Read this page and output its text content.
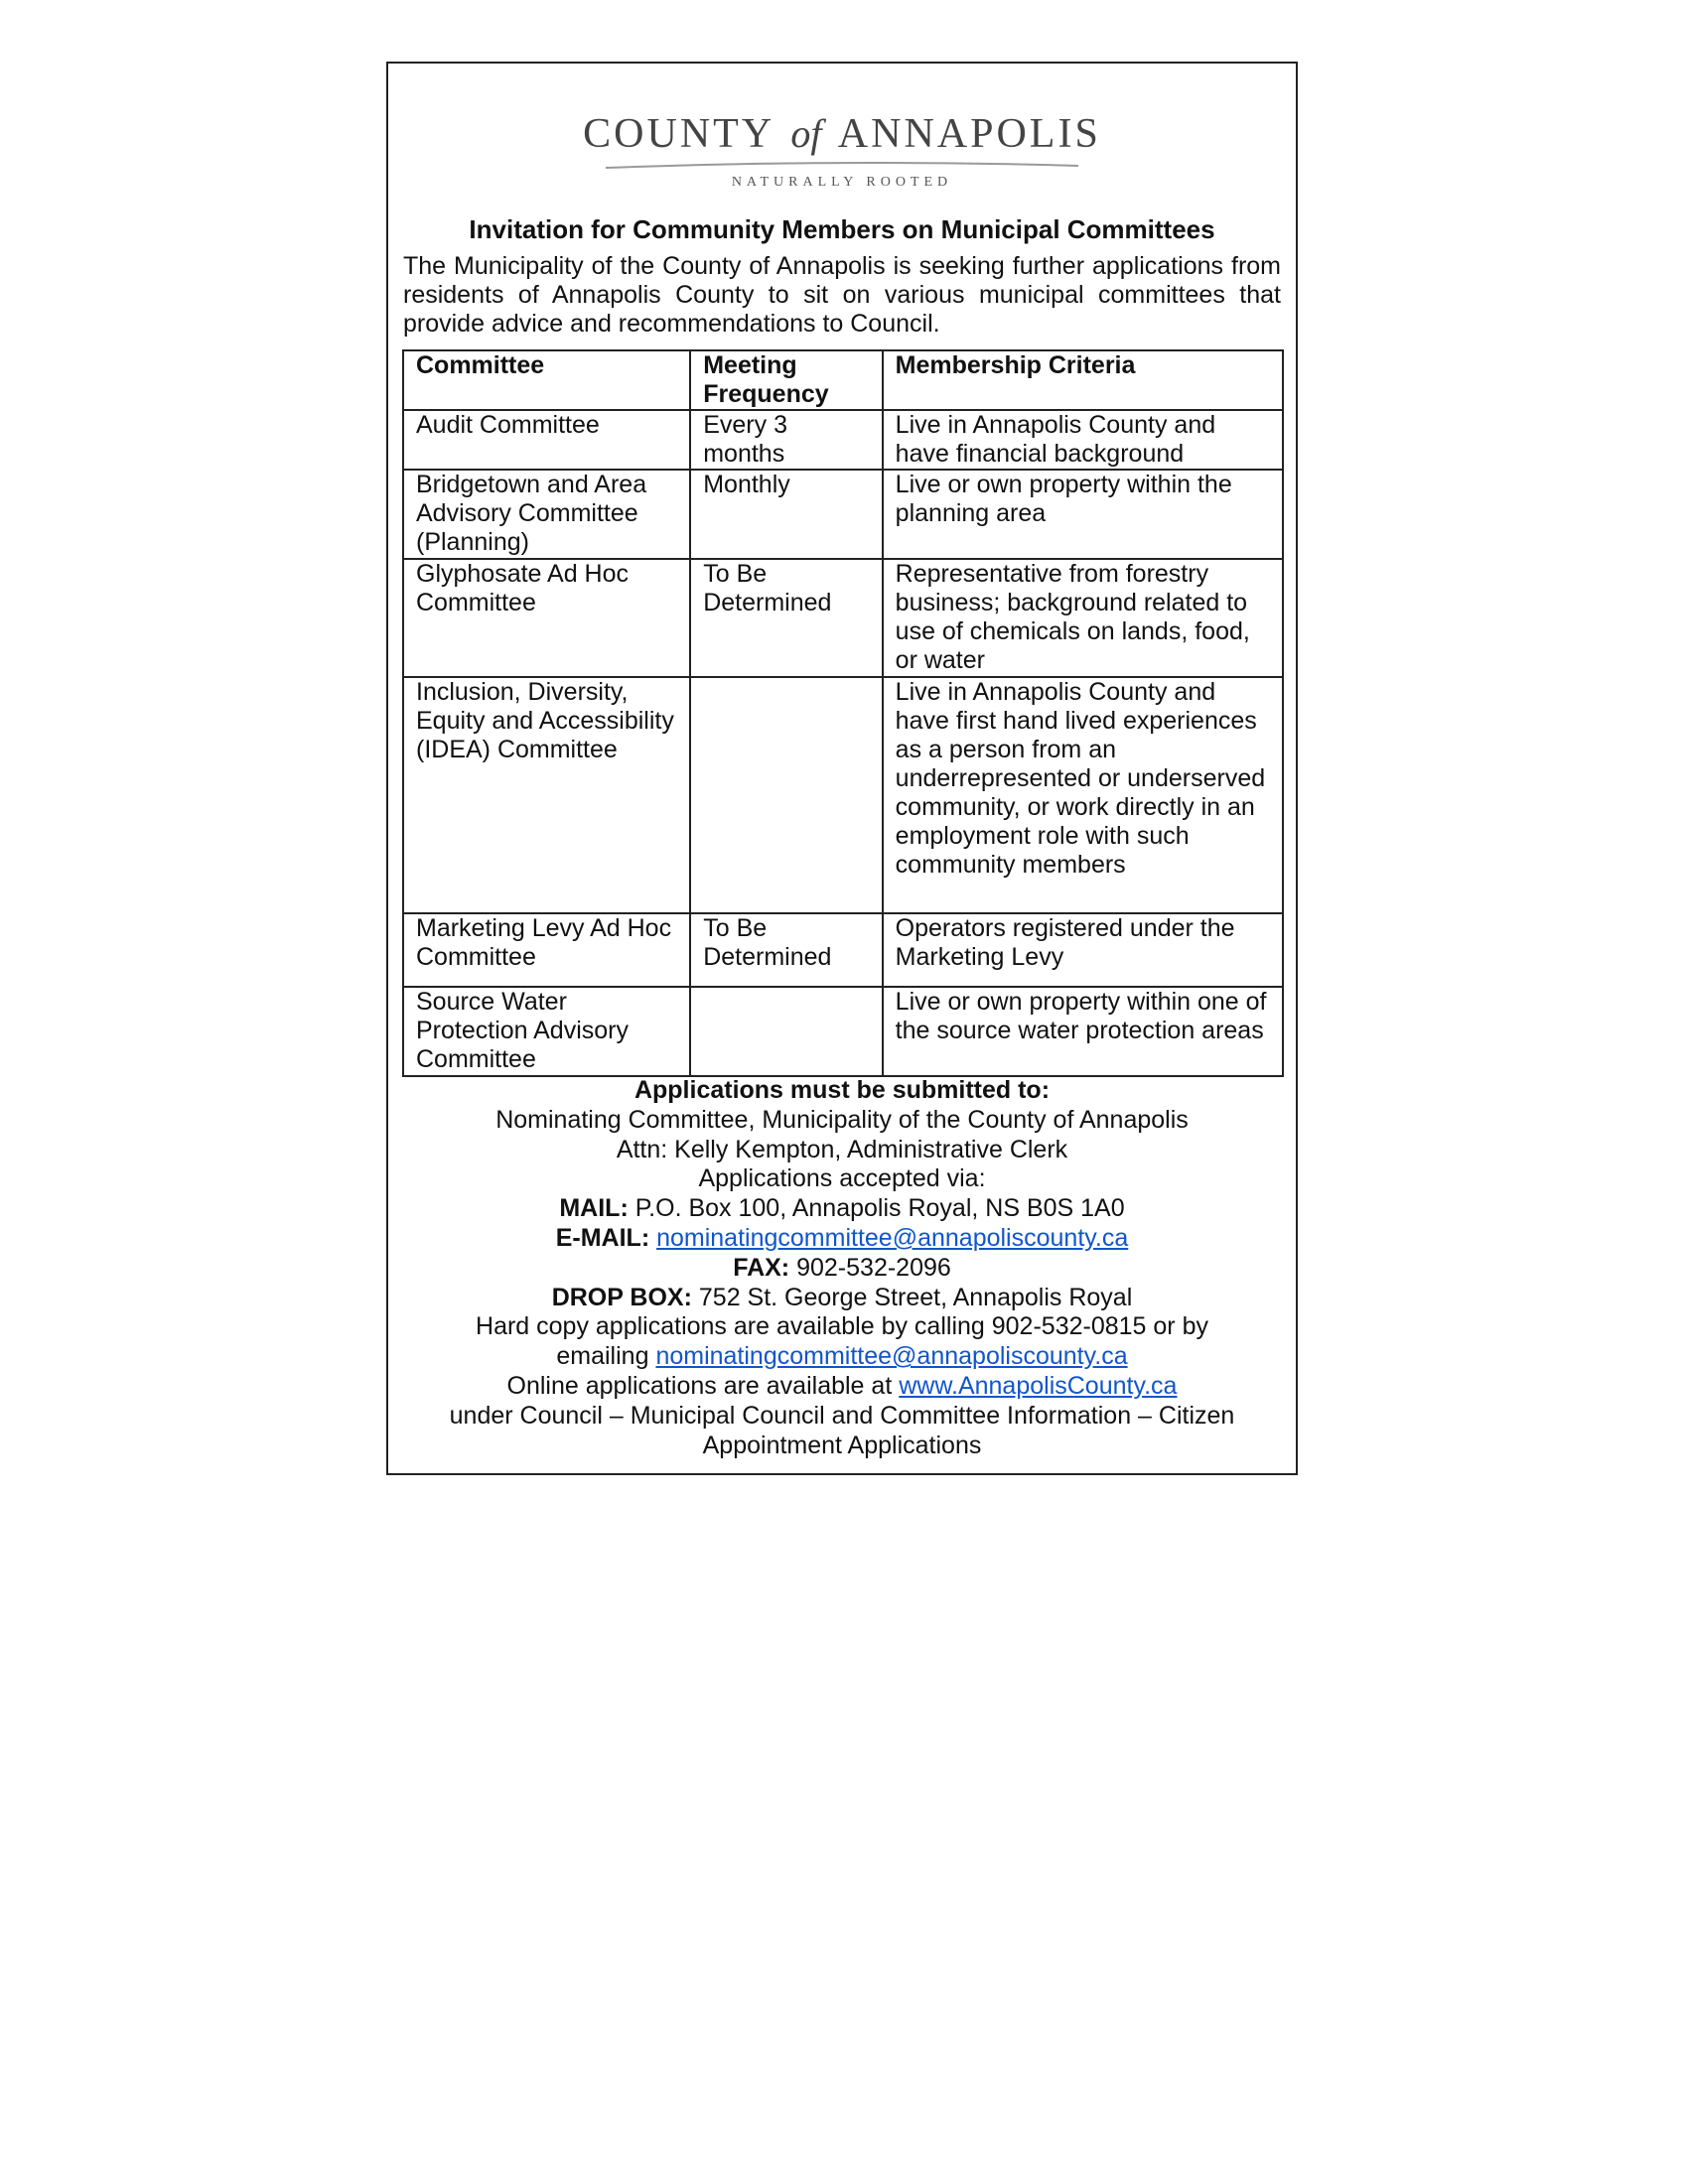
COUNTY of ANNAPOLIS
NATURALLY ROOTED
Invitation for Community Members on Municipal Committees

The Municipality of the County of Annapolis is seeking further applications from residents of Annapolis County to sit on various municipal committees that provide advice and recommendations to Council.

Committee	Meeting Frequency	Membership Criteria
Audit Committee	Every 3 months	Live in Annapolis County and have financial background
Bridgetown and Area Advisory Committee (Planning)	Monthly	Live or own property within the planning area
Glyphosate Ad Hoc Committee	To Be Determined	Representative from forestry business; background related to use of chemicals on lands, food, or water
Inclusion, Diversity, Equity and Accessibility (IDEA) Committee		Live in Annapolis County and have first hand lived experiences as a person from an underrepresented or underserved community, or work directly in an employment role with such community members
Marketing Levy Ad Hoc Committee	To Be Determined	Operators registered under the Marketing Levy
Source Water Protection Advisory Committee		Live or own property within one of the source water protection areas

Applications must be submitted to:

Nominating Committee, Municipality of the County of Annapolis

Attn: Kelly Kempton, Administrative Clerk

Applications accepted via:

MAIL: P.O. Box 100, Annapolis Royal, NS B0S 1A0

E-MAIL: nominatingcommittee@annapoliscounty.ca

FAX: 902-532-2096

DROP BOX: 752 St. George Street, Annapolis Royal

Hard copy applications are available by calling 902-532-0815 or by

emailing nominatingcommittee@annapoliscounty.ca

Online applications are available at www.AnnapolisCounty.ca

under Council – Municipal Council and Committee Information – Citizen Appointment Applications
